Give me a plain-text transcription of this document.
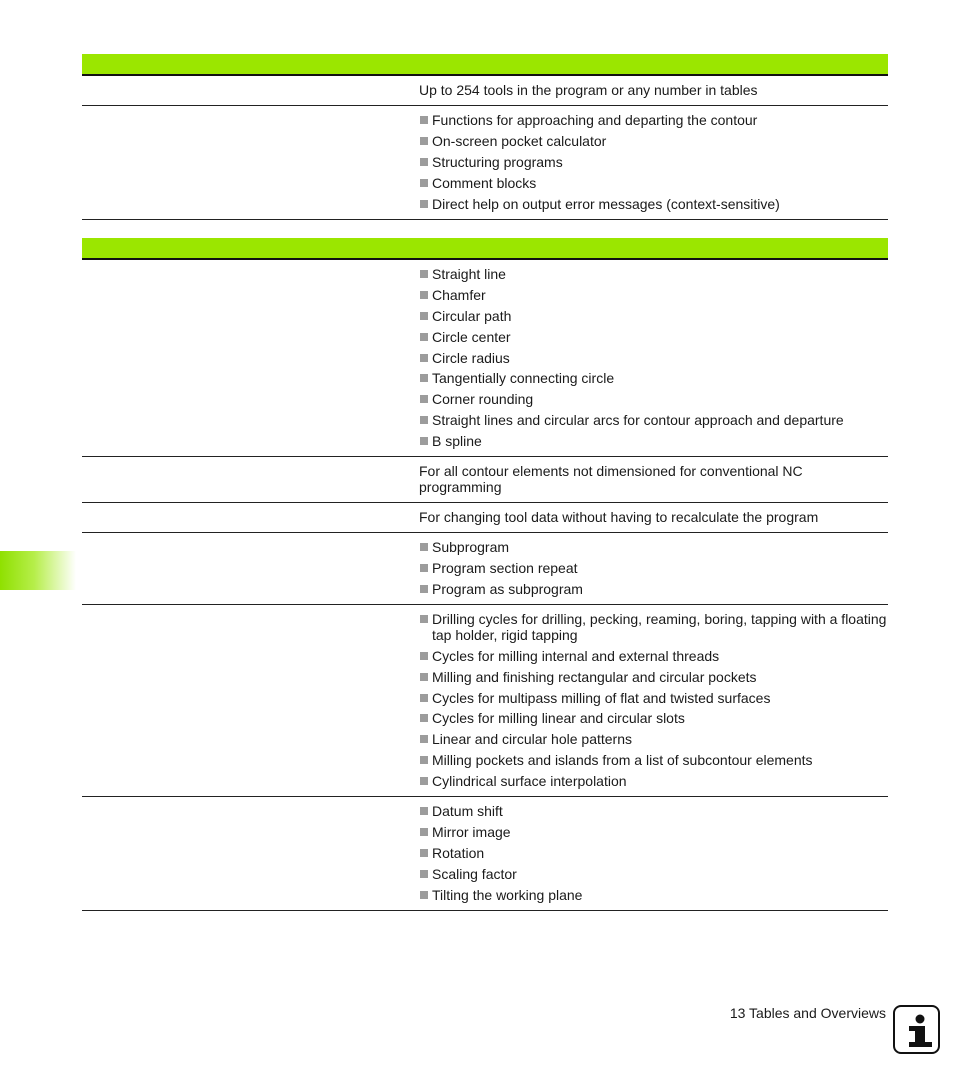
Up to 254 tools in the program or any number in tables
Functions for approaching and departing the contour
On-screen pocket calculator
Structuring programs
Comment blocks
Direct help on output error messages (context-sensitive)
Straight line
Chamfer
Circular path
Circle center
Circle radius
Tangentially connecting circle
Corner rounding
Straight lines and circular arcs for contour approach and departure
B spline
For all contour elements not dimensioned for conventional NC programming
For changing tool data without having to recalculate the program
Subprogram
Program section repeat
Program as subprogram
Drilling cycles for drilling, pecking, reaming, boring, tapping with a floating tap holder, rigid tapping
Cycles for milling internal and external threads
Milling and finishing rectangular and circular pockets
Cycles for multipass milling of flat and twisted surfaces
Cycles for milling linear and circular slots
Linear and circular hole patterns
Milling pockets and islands from a list of subcontour elements
Cylindrical surface interpolation
Datum shift
Mirror image
Rotation
Scaling factor
Tilting the working plane
13 Tables and Overviews
